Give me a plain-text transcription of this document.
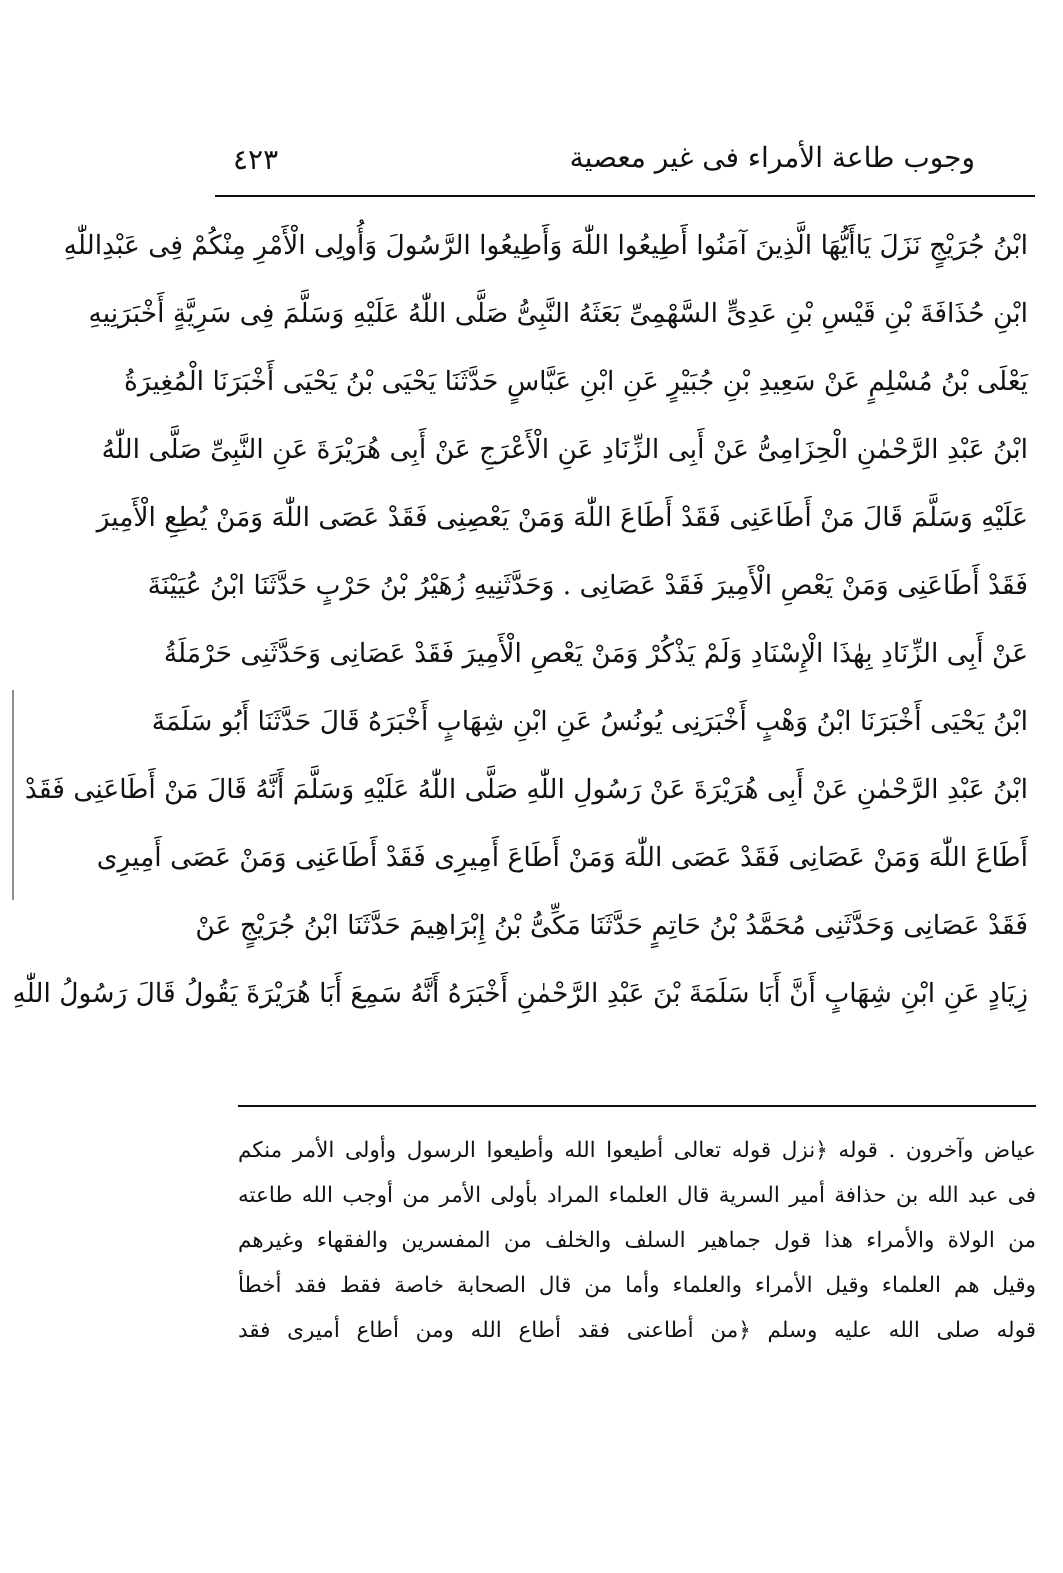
وجوب طاعة الأمراء فى غير معصية
٤٢٣
ابْنُ جُرَيْجٍ نَزَلَ يَاأَيُّهَا الَّذِينَ آمَنُوا أَطِيعُوا اللّٰهَ وَأَطِيعُوا الرَّسُولَ وَأُولِى الْأَمْرِ مِنْكُمْ فِى عَبْدِاللّٰهِ
ابْنِ حُذَافَةَ بْنِ قَيْسِ بْنِ عَدِىٍّ السَّهْمِىِّ بَعَثَهُ النَّبِىُّ صَلَّى اللّٰهُ عَلَيْهِ وَسَلَّمَ فِى سَرِيَّةٍ أَخْبَرَنِيهِ
يَعْلَى بْنُ مُسْلِمٍ عَنْ سَعِيدِ بْنِ جُبَيْرٍ عَنِ ابْنِ عَبَّاسٍ حَدَّثَنَا يَحْيَى بْنُ يَحْيَى أَخْبَرَنَا الْمُغِيرَةُ
ابْنُ عَبْدِ الرَّحْمٰنِ الْحِزَامِىُّ عَنْ أَبِى الزِّنَادِ عَنِ الْأَعْرَجِ عَنْ أَبِى هُرَيْرَةَ عَنِ النَّبِىِّ صَلَّى اللّٰهُ
عَلَيْهِ وَسَلَّمَ قَالَ مَنْ أَطَاعَنِى فَقَدْ أَطَاعَ اللّٰهَ وَمَنْ يَعْصِنِى فَقَدْ عَصَى اللّٰهَ وَمَنْ يُطِعِ الْأَمِيرَ
فَقَدْ أَطَاعَنِى وَمَنْ يَعْصِ الْأَمِيرَ فَقَدْ عَصَانِى . وَحَدَّثَنِيهِ زُهَيْرُ بْنُ حَرْبٍ حَدَّثَنَا ابْنُ عُيَيْنَةَ
عَنْ أَبِى الزِّنَادِ بِهٰذَا الْإِسْنَادِ وَلَمْ يَذْكُرْ وَمَنْ يَعْصِ الْأَمِيرَ فَقَدْ عَصَانِى وَحَدَّثَنِى حَرْمَلَةُ
ابْنُ يَحْيَى أَخْبَرَنَا ابْنُ وَهْبٍ أَخْبَرَنِى يُونُسُ عَنِ ابْنِ شِهَابٍ أَخْبَرَهُ قَالَ حَدَّثَنَا أَبُو سَلَمَةَ
ابْنُ عَبْدِ الرَّحْمٰنِ عَنْ أَبِى هُرَيْرَةَ عَنْ رَسُولِ اللّٰهِ صَلَّى اللّٰهُ عَلَيْهِ وَسَلَّمَ أَنَّهُ قَالَ مَنْ أَطَاعَنِى فَقَدْ
أَطَاعَ اللّٰهَ وَمَنْ عَصَانِى فَقَدْ عَصَى اللّٰهَ وَمَنْ أَطَاعَ أَمِيرِى فَقَدْ أَطَاعَنِى وَمَنْ عَصَى أَمِيرِى
فَقَدْ عَصَانِى وَحَدَّثَنِى مُحَمَّدُ بْنُ حَاتِمٍ حَدَّثَنَا مَكِّىُّ بْنُ إِبْرَاهِيمَ حَدَّثَنَا ابْنُ جُرَيْجٍ عَنْ
زِيَادٍ عَنِ ابْنِ شِهَابٍ أَنَّ أَبَا سَلَمَةَ بْنَ عَبْدِ الرَّحْمٰنِ أَخْبَرَهُ أَنَّهُ سَمِعَ أَبَا هُرَيْرَةَ يَقُولُ قَالَ رَسُولُ اللّٰهِ
عياض وآخرون . قوله ﴿نزل قوله تعالى أطيعوا الله وأطيعوا الرسول وأولى الأمر منكم
فى عبد الله بن حذافة أمير السرية قال العلماء المراد بأولى الأمر من أوجب الله طاعته
من الولاة والأمراء هذا قول جماهير السلف والخلف من المفسرين والفقهاء وغيرهم
وقيل هم العلماء وقيل الأمراء والعلماء وأما من قال الصحابة خاصة فقط فقد أخطأ
قوله صلى الله عليه وسلم ﴿من أطاعنى فقد أطاع الله ومن أطاع أميرى فقد
